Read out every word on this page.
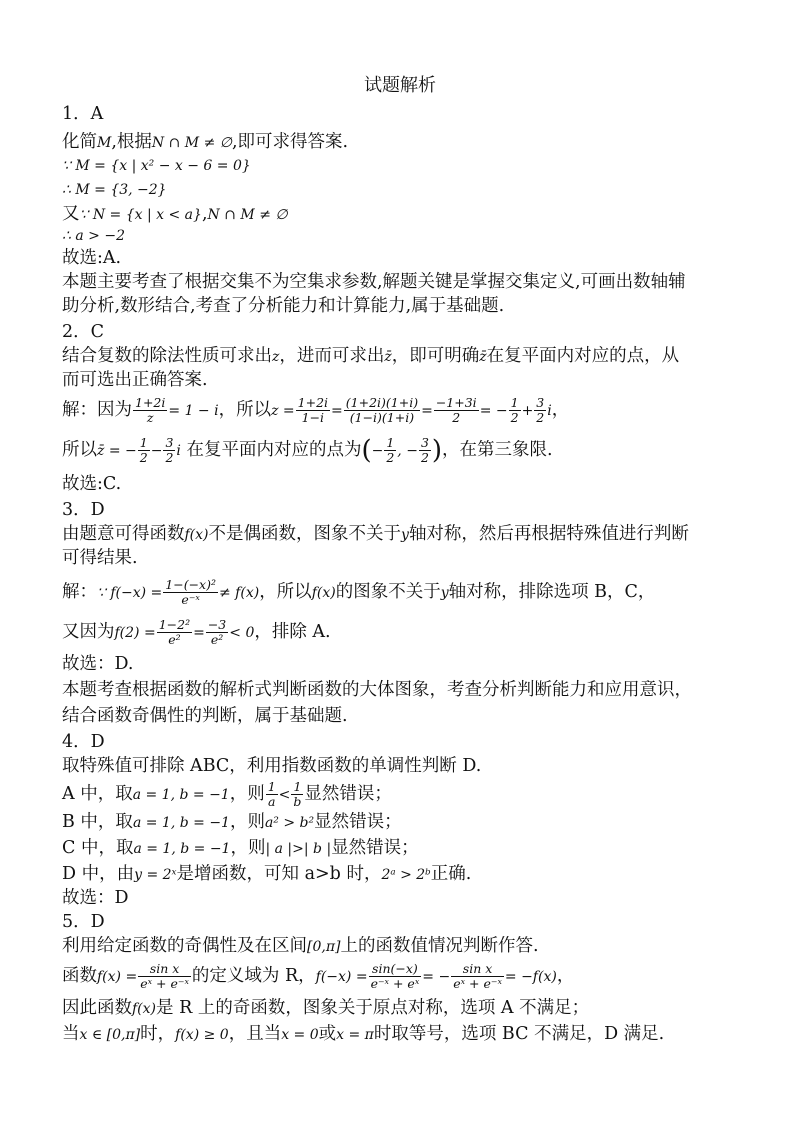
试题解析
1．A
化简M,根据N ∩ M ≠ ∅,即可求得答案.
∵ M = {x | x² − x − 6 = 0}
∴ M = {3, −2}
又∵ N = {x | x < a},N ∩ M ≠ ∅
∴ a > −2
故选:A.
本题主要考查了根据交集不为空集求参数,解题关键是掌握交集定义,可画出数轴辅
助分析,数形结合,考查了分析能力和计算能力,属于基础题.
2．C
结合复数的除法性质可求出z，进而可求出z̄，即可明确z̄在复平面内对应的点，从
而可选出正确答案.
解：因为 $\frac{1+2i}{z} = 1 - i$，所以$z = \frac{1+2i}{1-i} = \frac{(1+2i)(1+i)}{(1-i)(1+i)} = \frac{-1+3i}{2}$ = − $\frac{1}{2} + \frac{3}{2}$ i，
所以z̄ = − $\frac{1}{2} - \frac{3}{2}$ i 在复平面内对应的点为(− $\frac{1}{2}$ , − $\frac{3}{2}$ )，在第三象限.
故选:C.
3．D
由题意可得函数f(x)不是偶函数，图象不关于y轴对称，然后再根据特殊值进行判断
可得结果.
解：∵ $f(-x) = \frac{\text{1−(−x)²}}{\text{e⁻ˣ}} \ne f(x)$，所以f(x)的图象不关于y轴对称，排除选项 B，C，
又因为$f(2) = \frac{\text{1−2²}}{\text{e²}} = \frac{-3}{\text{e²}} < 0$，排除 A.
故选：D.
本题考查根据函数的解析式判断函数的大体图象，考查分析判断能力和应用意识，
结合函数奇偶性的判断，属于基础题.
4．D
取特殊值可排除 ABC，利用指数函数的单调性判断 D.
A 中，取a = 1, b = −1，则 $\frac{1}{a} < \frac{1}{b}$ 显然错误；
B 中，取a = 1, b = −1，则a² > b²显然错误；
C 中，取a = 1, b = −1，则| a |>| b |显然错误；
D 中，由y = 2ˣ是增函数，可知 a>b 时，2ᵃ > 2ᵇ正确.
故选：D
5．D
利用给定函数的奇偶性及在区间[0,π]上的函数值情况判断作答.
函数$f(x) = \frac{\text{sin x}}{\text{eˣ + e⁻ˣ}}$ 的定义域为 R，$f(-x) = \frac{\sin(-x)}{\text{e⁻ˣ + eˣ}}$ = − $\frac{\text{sin x}}{\text{eˣ + e⁻ˣ}} = -f(x)$，
因此函数f(x)是 R 上的奇函数，图象关于原点对称，选项 A 不满足；
当x ∈ [0,π]时，f(x) ≥ 0，且当x = 0或x = π时取等号，选项 BC 不满足，D 满足.
